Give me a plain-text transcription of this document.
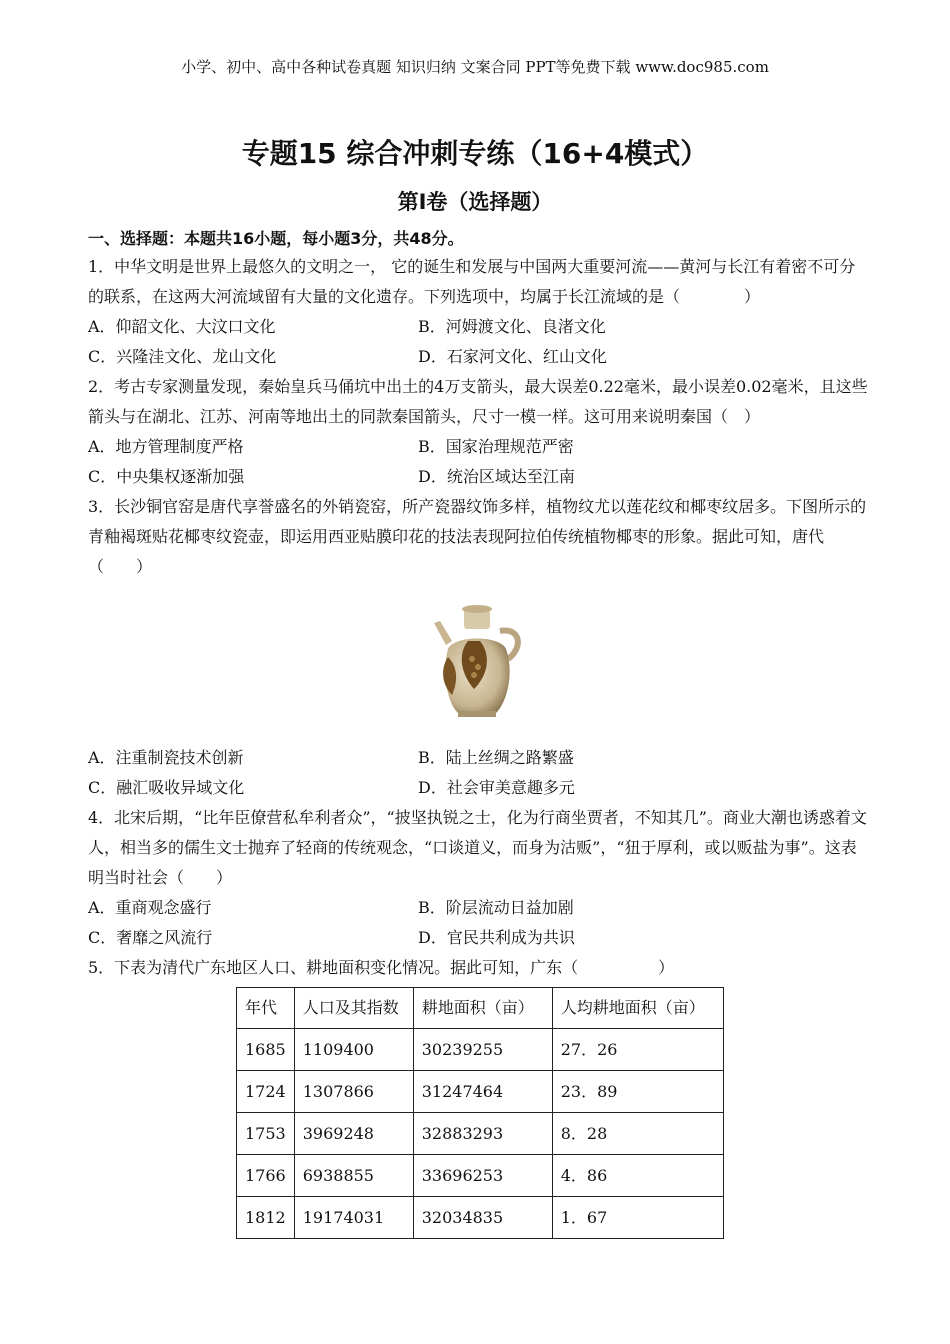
小学、初中、高中各种试卷真题 知识归纳 文案合同 PPT等免费下载 www.doc985.com
专题15 综合冲刺专练（16+4模式）
第I卷（选择题）
一、选择题：本题共16小题，每小题3分，共48分。

1．中华文明是世界上最悠久的文明之一， 它的诞生和发展与中国两大重要河流——黄河与长江有着密不可分的联系，在这两大河流域留有大量的文化遗存。下列选项中，均属于长江流域的是（　　　　）

A．仰韶文化、大汶口文化	B．河姆渡文化、良渚文化

C．兴隆洼文化、龙山文化	D．石家河文化、红山文化

2．考古专家测量发现，秦始皇兵马俑坑中出土的4万支箭头，最大误差0.22毫米，最小误差0.02毫米，且这些箭头与在湖北、江苏、河南等地出土的同款秦国箭头，尺寸一模一样。这可用来说明秦国（　）

A．地方管理制度严格	B．国家治理规范严密

C．中央集权逐渐加强	D．统治区域达至江南

3．长沙铜官窑是唐代享誉盛名的外销瓷窑，所产瓷器纹饰多样，植物纹尤以莲花纹和椰枣纹居多。下图所示的青釉褐斑贴花椰枣纹瓷壶，即运用西亚贴膜印花的技法表现阿拉伯传统植物椰枣的形象。据此可知，唐代（　　）

A．注重制瓷技术创新	B．陆上丝绸之路繁盛

C．融汇吸收异域文化	D．社会审美意趣多元

4．北宋后期，“比年臣僚营私牟利者众”，“披坚执锐之士，化为行商坐贾者，不知其几”。商业大潮也诱惑着文人，相当多的儒生文士抛弃了轻商的传统观念，“口谈道义，而身为沽贩”，“狃于厚利，或以贩盐为事”。这表明当时社会（　　）

A．重商观念盛行	B．阶层流动日益加剧

C．奢靡之风流行	D．官民共利成为共识

5．下表为清代广东地区人口、耕地面积变化情况。据此可知，广东（　　　　　）

年代	人口及其指数	耕地面积（亩）	人均耕地面积（亩）
1685	1109400	30239255	27．26
1724	1307866	31247464	23．89
1753	3969248	32883293	8．28
1766	6938855	33696253	4．86
1812	19174031	32034835	1．67
